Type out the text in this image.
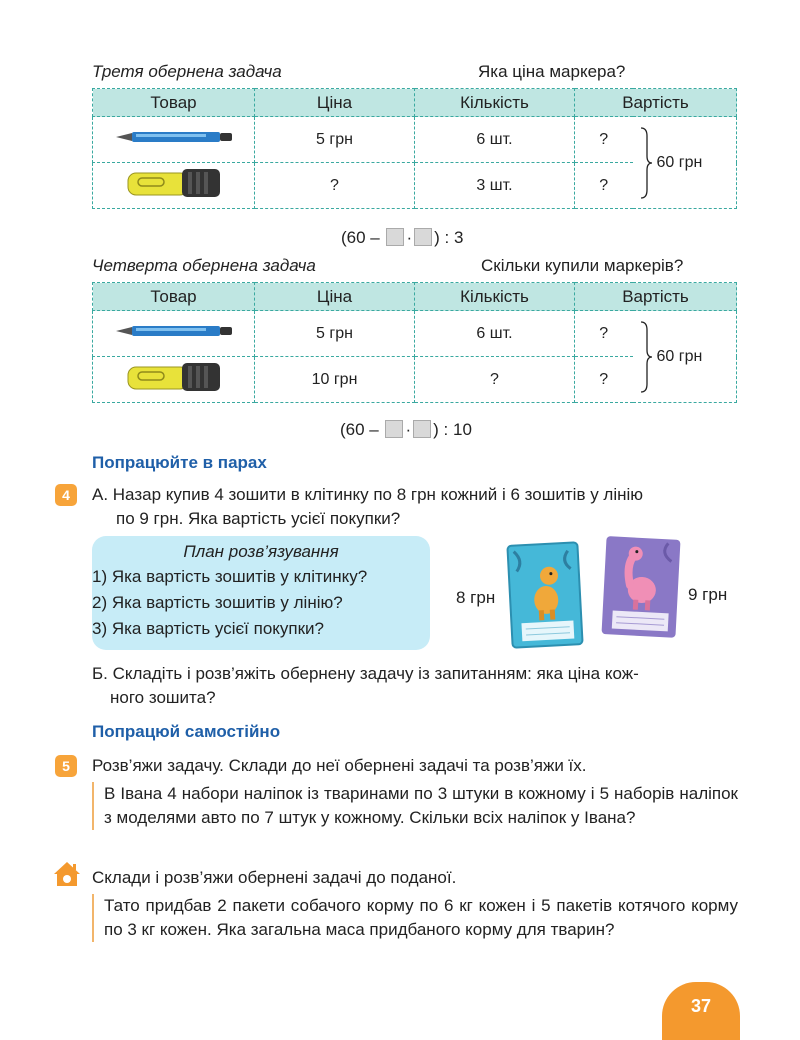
Третя обернена задача	Яка ціна маркера?
Товар	Ціна	Кількість	Вартість	
	5 грн	6 шт.	?	60 грн

	?	3 шт.	?	
(60 – · ) : 3
Четверта обернена задача	Скільки купили маркерів?
Товар	Ціна	Кількість	Вартість	
	5 грн	6 шт.	?	60 грн

	10 грн	?	?	
(60 – · ) : 10
Попрацюйте в парах
4	А. Назар купив 4 зошити в клітинку по 8 грн кожний і 6 зошитів у лінію
по 9 грн. Яка вартість усієї покупки?
План розв’язування
1) Яка вартість зошитів у клітинку?
2) Яка вартість зошитів у лінію?
3) Яка вартість усієї покупки?
8 грн	9 грн
Б. Складіть і розв’яжіть обернену задачу із запитанням: яка ціна кож-
ного зошита?
Попрацюй самостійно
5	Розв’яжи задачу. Склади до неї обернені задачі та розв’яжи їх.
В Івана 4 набори наліпок із тваринами по 3 штуки в кожному і 5 наборів наліпок з моделями авто по 7 штук у кожному. Скільки всіх наліпок у Івана?
Склади і розв’яжи обернені задачі до поданої.
Тато придбав 2 пакети собачого корму по 6 кг кожен і 5 пакетів котячого корму по 3 кг кожен. Яка загальна маса придбаного корму для тварин?
37
